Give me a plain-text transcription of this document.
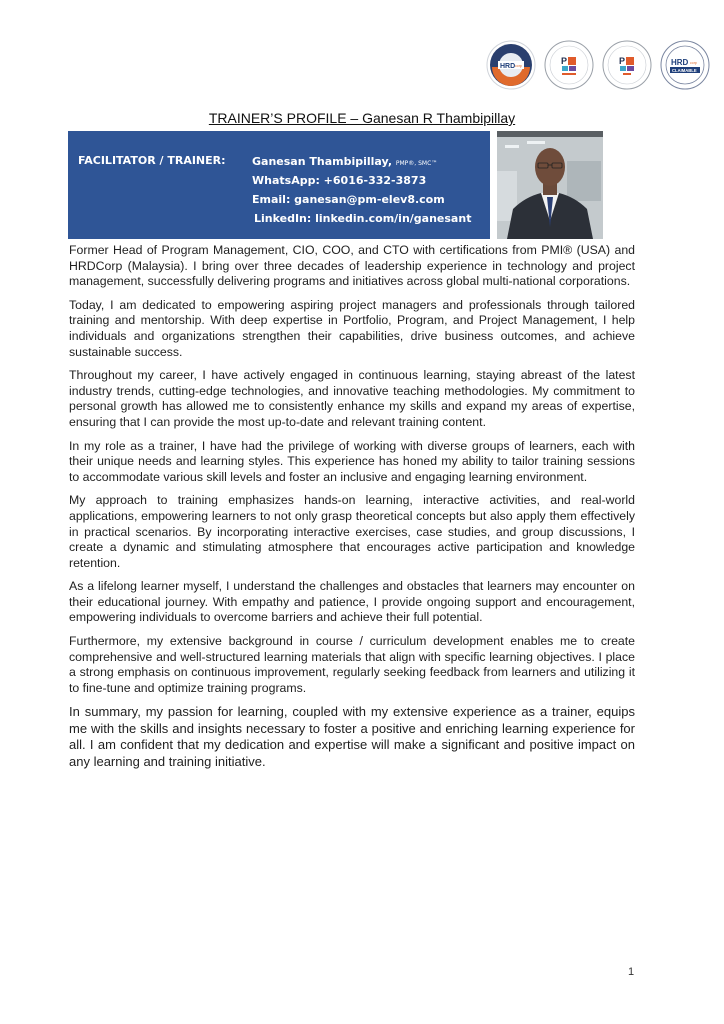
HRD corp	P	P	HRD corp
CLAIMABLE
TRAINER’S PROFILE – Ganesan R Thambipillay
FACILITATOR / TRAINER: Ganesan Thambipillay, PMP®, SMC™
WhatsApp: +6016-332-3873
Email: ganesan@pm-elev8.com
LinkedIn: linkedin.com/in/ganesant

Former Head of Program Management, CIO, COO, and CTO with certifications from PMI® (USA) and HRDCorp (Malaysia). I bring over three decades of leadership experience in technology and project management, successfully delivering programs and initiatives across global multi-national corporations.

Today, I am dedicated to empowering aspiring project managers and professionals through tailored training and mentorship. With deep expertise in Portfolio, Program, and Project Management, I help individuals and organizations strengthen their capabilities, drive business outcomes, and achieve sustainable success.

Throughout my career, I have actively engaged in continuous learning, staying abreast of the latest industry trends, cutting-edge technologies, and innovative teaching methodologies. My commitment to personal growth has allowed me to consistently enhance my skills and expand my areas of expertise, ensuring that I can provide the most up-to-date and relevant training content.

In my role as a trainer, I have had the privilege of working with diverse groups of learners, each with their unique needs and learning styles. This experience has honed my ability to tailor training sessions to accommodate various skill levels and foster an inclusive and engaging learning environment.

My approach to training emphasizes hands-on learning, interactive activities, and real-world applications, empowering learners to not only grasp theoretical concepts but also apply them effectively in practical scenarios. By incorporating interactive exercises, case studies, and group discussions, I create a dynamic and stimulating atmosphere that encourages active participation and knowledge retention.

As a lifelong learner myself, I understand the challenges and obstacles that learners may encounter on their educational journey. With empathy and patience, I provide ongoing support and encouragement, empowering individuals to overcome barriers and achieve their full potential.

Furthermore, my extensive background in course / curriculum development enables me to create comprehensive and well-structured learning materials that align with specific learning objectives. I place a strong emphasis on continuous improvement, regularly seeking feedback from learners and utilizing it to fine-tune and optimize training programs.

In summary, my passion for learning, coupled with my extensive experience as a trainer, equips me with the skills and insights necessary to foster a positive and enriching learning experience for all. I am confident that my dedication and expertise will make a significant and positive impact on any learning and training initiative.

1
